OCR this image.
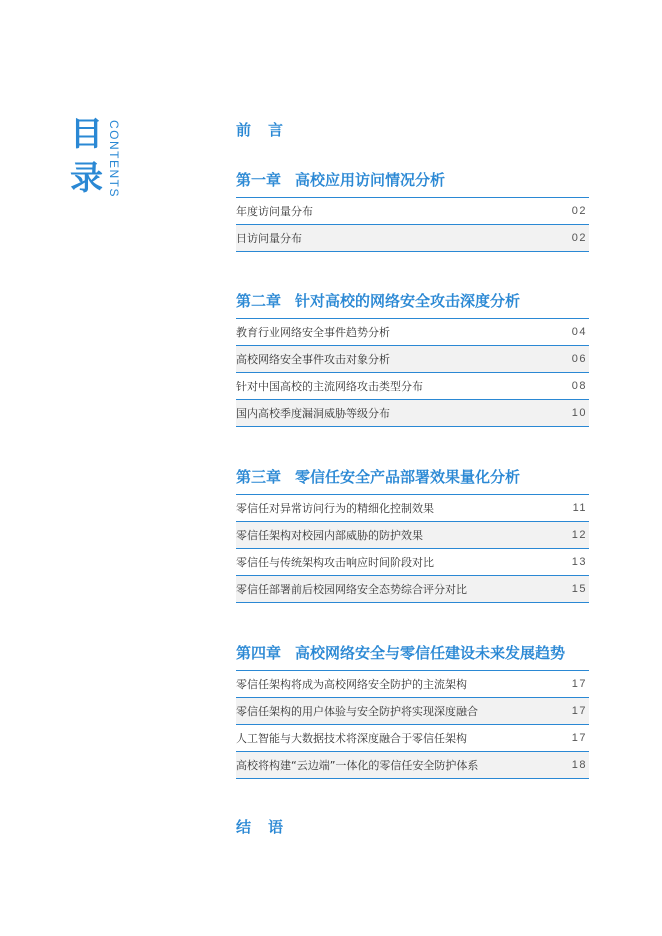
目
录 CONTENTS	前　言
第一章 高校应用访问情况分析
年度访问量分布	02
日访问量分布	02
第二章 针对高校的网络安全攻击深度分析
教育行业网络安全事件趋势分析	04
高校网络安全事件攻击对象分析	06
针对中国高校的主流网络攻击类型分布	08
国内高校季度漏洞威胁等级分布	10
第三章 零信任安全产品部署效果量化分析
零信任对异常访问行为的精细化控制效果	11
零信任架构对校园内部威胁的防护效果	12
零信任与传统架构攻击响应时间阶段对比	13
零信任部署前后校园网络安全态势综合评分对比	15
第四章 高校网络安全与零信任建设未来发展趋势
零信任架构将成为高校网络安全防护的主流架构	17
零信任架构的用户体验与安全防护将实现深度融合	17
人工智能与大数据技术将深度融合于零信任架构	17
高校将构建“云边端”一体化的零信任安全防护体系	18
结　语
